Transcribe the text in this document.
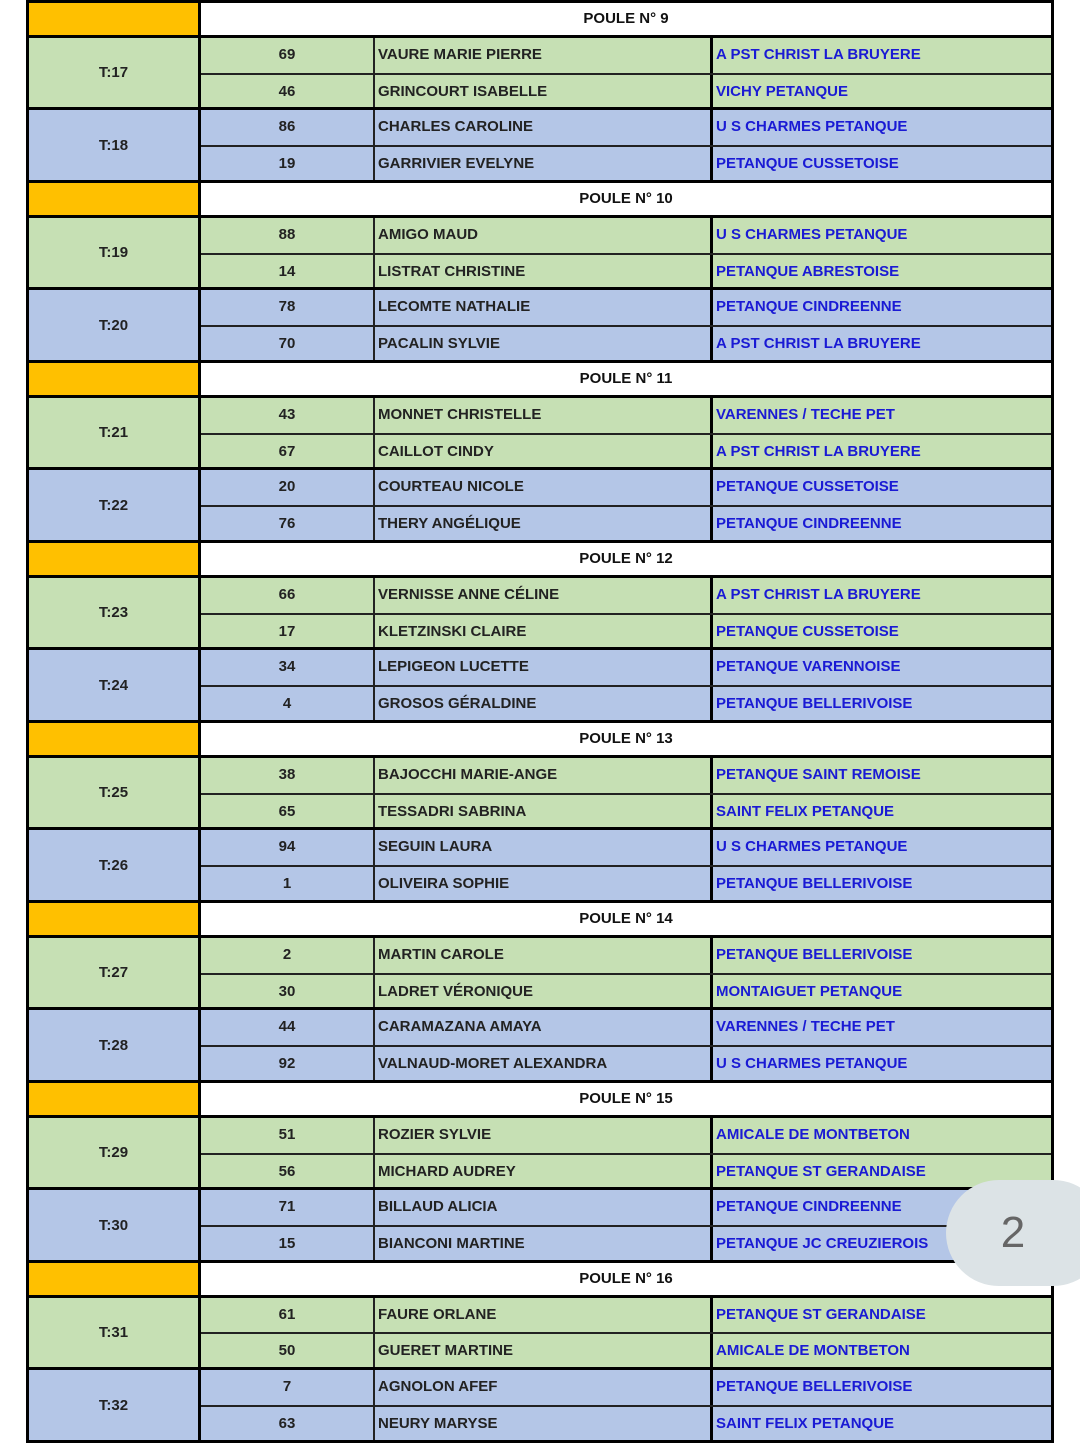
POULE N° 9
T:17
69	VAURE MARIE PIERRE	A PST CHRIST LA BRUYERE
46	GRINCOURT ISABELLE	VICHY PETANQUE
T:18
86	CHARLES CAROLINE	U S CHARMES PETANQUE
19	GARRIVIER EVELYNE	PETANQUE CUSSETOISE
POULE N° 10
T:19
88	AMIGO MAUD	U S CHARMES PETANQUE
14	LISTRAT CHRISTINE	PETANQUE ABRESTOISE
T:20
78	LECOMTE NATHALIE	PETANQUE CINDREENNE
70	PACALIN SYLVIE	A PST CHRIST LA BRUYERE
POULE N° 11
T:21
43	MONNET CHRISTELLE	VARENNES / TECHE PET
67	CAILLOT CINDY	A PST CHRIST LA BRUYERE
T:22
20	COURTEAU NICOLE	PETANQUE CUSSETOISE
76	THERY ANGÉLIQUE	PETANQUE CINDREENNE
POULE N° 12
T:23
66	VERNISSE ANNE CÉLINE	A PST CHRIST LA BRUYERE
17	KLETZINSKI CLAIRE	PETANQUE CUSSETOISE
T:24
34	LEPIGEON LUCETTE	PETANQUE VARENNOISE
4	GROSOS GÉRALDINE	PETANQUE BELLERIVOISE
POULE N° 13
T:25
38	BAJOCCHI MARIE-ANGE	PETANQUE SAINT REMOISE
65	TESSADRI SABRINA	SAINT FELIX PETANQUE
T:26
94	SEGUIN LAURA	U S CHARMES PETANQUE
1	OLIVEIRA SOPHIE	PETANQUE BELLERIVOISE
POULE N° 14
T:27
2	MARTIN CAROLE	PETANQUE BELLERIVOISE
30	LADRET VÉRONIQUE	MONTAIGUET PETANQUE
T:28
44	CARAMAZANA AMAYA	VARENNES / TECHE PET
92	VALNAUD-MORET ALEXANDRA	U S CHARMES PETANQUE
POULE N° 15
T:29
51	ROZIER SYLVIE	AMICALE DE MONTBETON
56	MICHARD AUDREY	PETANQUE ST GERANDAISE
T:30
71	BILLAUD ALICIA	PETANQUE CINDREENNE
15	BIANCONI MARTINE	PETANQUE JC CREUZIEROIS
POULE N° 16
T:31
61	FAURE ORLANE	PETANQUE ST GERANDAISE
50	GUERET MARTINE	AMICALE DE MONTBETON
T:32
7	AGNOLON AFEF	PETANQUE BELLERIVOISE
63	NEURY MARYSE	SAINT FELIX PETANQUE
2
